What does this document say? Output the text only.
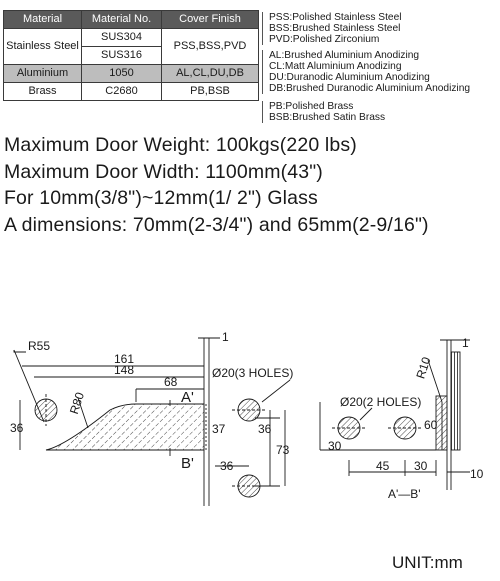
Material	Material No.	Cover Finish
Stainless Steel	SUS304	PSS,BSS,PVD
	SUS316	
Aluminium	1050	AL,CL,DU,DB
Brass	C2680	PB,BSB
PSS:Polished Stainless Steel
BSS:Brushed Stainless Steel
PVD:Polished Zirconium
AL:Brushed Aluminium Anodizing
CL:Matt Aluminium Anodizing
DU:Duranodic Aluminium Anodizing
DB:Brushed Duranodic Aluminium Anodizing
PB:Polished Brass
BSB:Brushed Satin Brass
Maximum Door Weight: 100kgs(220 lbs)
Maximum Door Width: 1100mm(43")
For 10mm(3/8")~12mm(1/ 2") Glass
A dimensions: 70mm(2-3/4") and 65mm(2-9/16")
R55
161
148
R80
68
A'
B'
36	37
1
Ø20(3 HOLES)
36
73
36
Ø20(2 HOLES)
R10
30
60
45 30
1
10
A'—B'
UNIT:mm
